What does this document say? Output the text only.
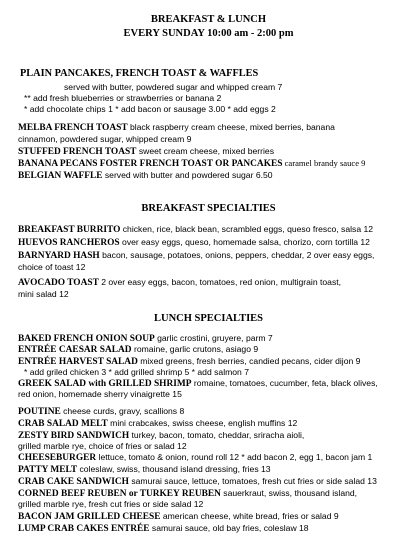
BREAKFAST & LUNCH
EVERY SUNDAY 10:00 am - 2:00 pm
PLAIN PANCAKES, FRENCH TOAST & WAFFLES
served with butter, powdered sugar and whipped cream 7
** add fresh blueberries or strawberries or banana 2
* add chocolate chips 1 * add bacon or sausage 3.00 * add eggs 2
MELBA FRENCH TOAST black raspberry cream cheese, mixed berries, banana
cinnamon, powdered sugar, whipped cream 9
STUFFED FRENCH TOAST sweet cream cheese, mixed berries
BANANA PECANS FOSTER FRENCH TOAST OR PANCAKES caramel brandy sauce 9
BELGIAN WAFFLE served with butter and powdered sugar 6.50
BREAKFAST SPECIALTIES
BREAKFAST BURRITO chicken, rice, black bean, scrambled eggs, queso fresco, salsa 12
HUEVOS RANCHEROS over easy eggs, queso, homemade salsa, chorizo, corn tortilla 12
BARNYARD HASH bacon, sausage, potatoes, onions, peppers, cheddar, 2 over easy eggs,
choice of toast 12
AVOCADO TOAST 2 over easy eggs, bacon, tomatoes, red onion, multigrain toast,
mini salad 12
LUNCH SPECIALTIES
BAKED FRENCH ONION SOUP garlic crostini, gruyere, parm 7
ENTRÉE CAESAR SALAD romaine, garlic crutons, asiago 9
ENTRÉE HARVEST SALAD mixed greens, fresh berries, candied pecans, cider dijon 9
* add griled chicken 3 * add grilled shrimp 5 * add salmon 7
GREEK SALAD with GRILLED SHRIMP romaine, tomatoes, cucumber, feta, black olives,
red onion, homemade sherry vinaigrette 15
POUTINE cheese curds, gravy, scallions 8
CRAB SALAD MELT mini crabcakes, swiss cheese, english muffins 12
ZESTY BIRD SANDWICH turkey, bacon, tomato, cheddar, sriracha aioli,
grilled marble rye, choice of fries or salad 12
CHEESEBURGER lettuce, tomato & onion, round roll 12 * add bacon 2, egg 1, bacon jam 1
PATTY MELT coleslaw, swiss, thousand island dressing, fries 13
CRAB CAKE SANDWICH samurai sauce, lettuce, tomatoes, fresh cut fries or side salad 13
CORNED BEEF REUBEN or TURKEY REUBEN sauerkraut, swiss, thousand island,
grilled marble rye, fresh cut fries or side salad 12
BACON JAM GRILLED CHEESE american cheese, white bread, fries or salad 9
LUMP CRAB CAKES ENTRÉE samurai sauce, old bay fries, coleslaw 18
